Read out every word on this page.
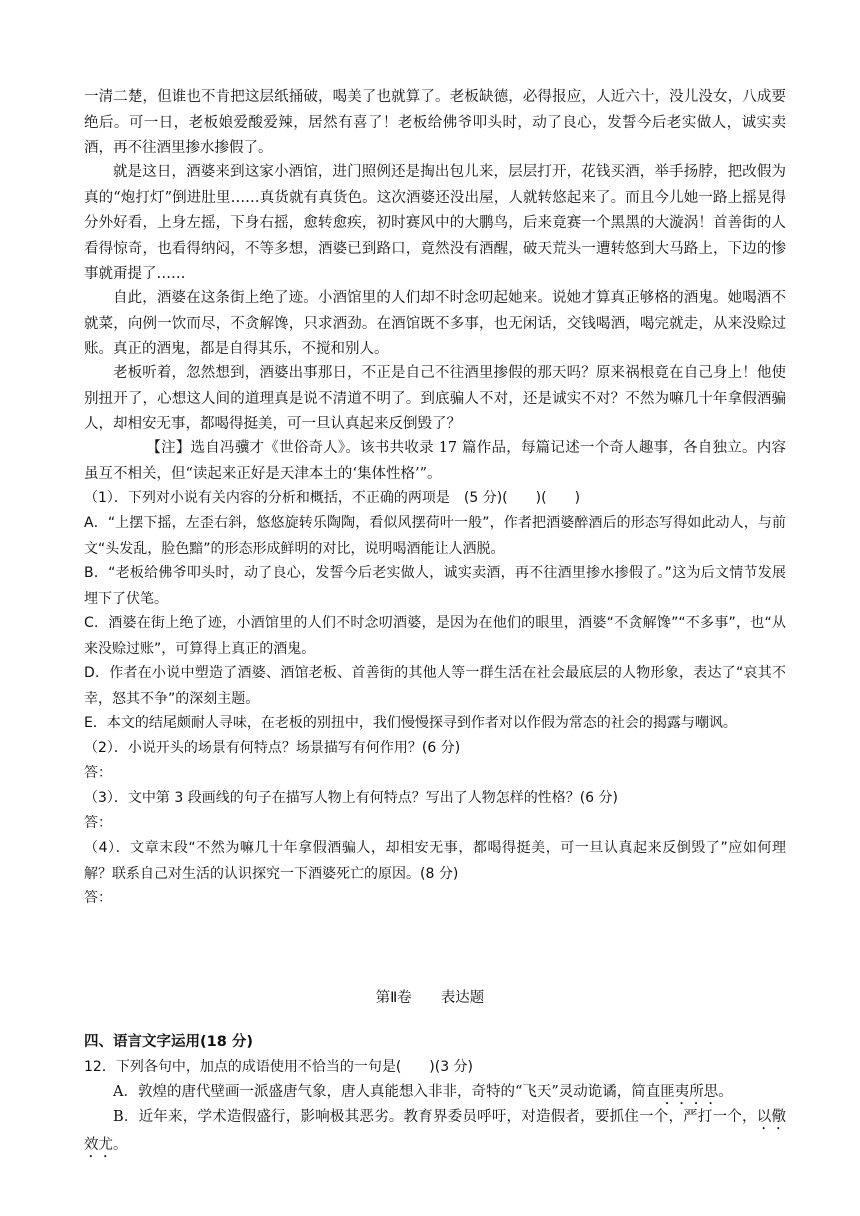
一清二楚，但谁也不肯把这层纸捅破，喝美了也就算了。老板缺德，必得报应，人近六十，没儿没女，八成要绝后。可一日，老板娘爱酸爱辣，居然有喜了！老板给佛爷叩头时，动了良心，发誓今后老实做人，诚实卖酒，再不往酒里掺水掺假了。

就是这日，酒婆来到这家小酒馆，进门照例还是掏出包儿来，层层打开，花钱买酒，举手扬脖，把改假为真的“炮打灯”倒进肚里……真货就有真货色。这次酒婆还没出屋，人就转悠起来了。而且今儿她一路上摇晃得分外好看，上身左摇，下身右摇，愈转愈疾，初时赛风中的大鹏鸟，后来竟赛一个黑黑的大漩涡！首善街的人看得惊奇，也看得纳闷，不等多想，酒婆已到路口，竟然没有酒醒，破天荒头一遭转悠到大马路上，下边的惨事就甭提了……

自此，酒婆在这条街上绝了迹。小酒馆里的人们却不时念叨起她来。说她才算真正够格的酒鬼。她喝酒不就菜，向例一饮而尽，不贪解馋，只求酒劲。在酒馆既不多事，也无闲话，交钱喝酒，喝完就走，从来没赊过账。真正的酒鬼，都是自得其乐，不搅和别人。

老板听着，忽然想到，酒婆出事那日，不正是自己不往酒里掺假的那天吗？原来祸根竟在自己身上！他使别扭开了，心想这人间的道理真是说不清道不明了。到底骗人不对，还是诚实不对？不然为嘛几十年拿假酒骗人，却相安无事，都喝得挺美，可一旦认真起来反倒毁了？

【注】选自冯骥才《世俗奇人》。该书共收录 17 篇作品，每篇记述一个奇人趣事，各自独立。内容虽互不相关，但“读起来正好是天津本土的‘集体性格’”。

（1）．下列对小说有关内容的分析和概括，不正确的两项是　(5 分)(　　)(　　)

A．“上摆下摇，左歪右斜，悠悠旋转乐陶陶，看似风摆荷叶一般”，作者把酒婆醉酒后的形态写得如此动人，与前文“头发乱，脸色黯”的形态形成鲜明的对比，说明喝酒能让人洒脱。

B．“老板给佛爷叩头时，动了良心，发誓今后老实做人，诚实卖酒，再不往酒里掺水掺假了。”这为后文情节发展埋下了伏笔。

C．酒婆在街上绝了迹，小酒馆里的人们不时念叨酒婆，是因为在他们的眼里，酒婆“不贪解馋”“不多事”，也“从来没赊过账”，可算得上真正的酒鬼。

D．作者在小说中塑造了酒婆、酒馆老板、首善街的其他人等一群生活在社会最底层的人物形象，表达了“哀其不幸，怒其不争”的深刻主题。

E．本文的结尾颇耐人寻味，在老板的别扭中，我们慢慢探寻到作者对以作假为常态的社会的揭露与嘲讽。

（2）．小说开头的场景有何特点？场景描写有何作用？(6 分)

答：

（3）．文中第 3 段画线的句子在描写人物上有何特点？写出了人物怎样的性格？(6 分)

答：

（4）．文章末段“不然为嘛几十年拿假酒骗人，却相安无事，都喝得挺美，可一旦认真起来反倒毁了”应如何理解？联系自己对生活的认识探究一下酒婆死亡的原因。(8 分)

答：

第Ⅱ卷　　表达题

四、语言文字运用(18 分)

12．下列各句中，加点的成语使用不恰当的一句是(　　)(3 分)

A．敦煌的唐代壁画一派盛唐气象，唐人真能想入非非，奇特的“飞天”灵动诡谲，简直匪夷所思。

B．近年来，学术造假盛行，影响极其恶劣。教育界委员呼吁，对造假者，要抓住一个，严打一个，以儆效尤。
